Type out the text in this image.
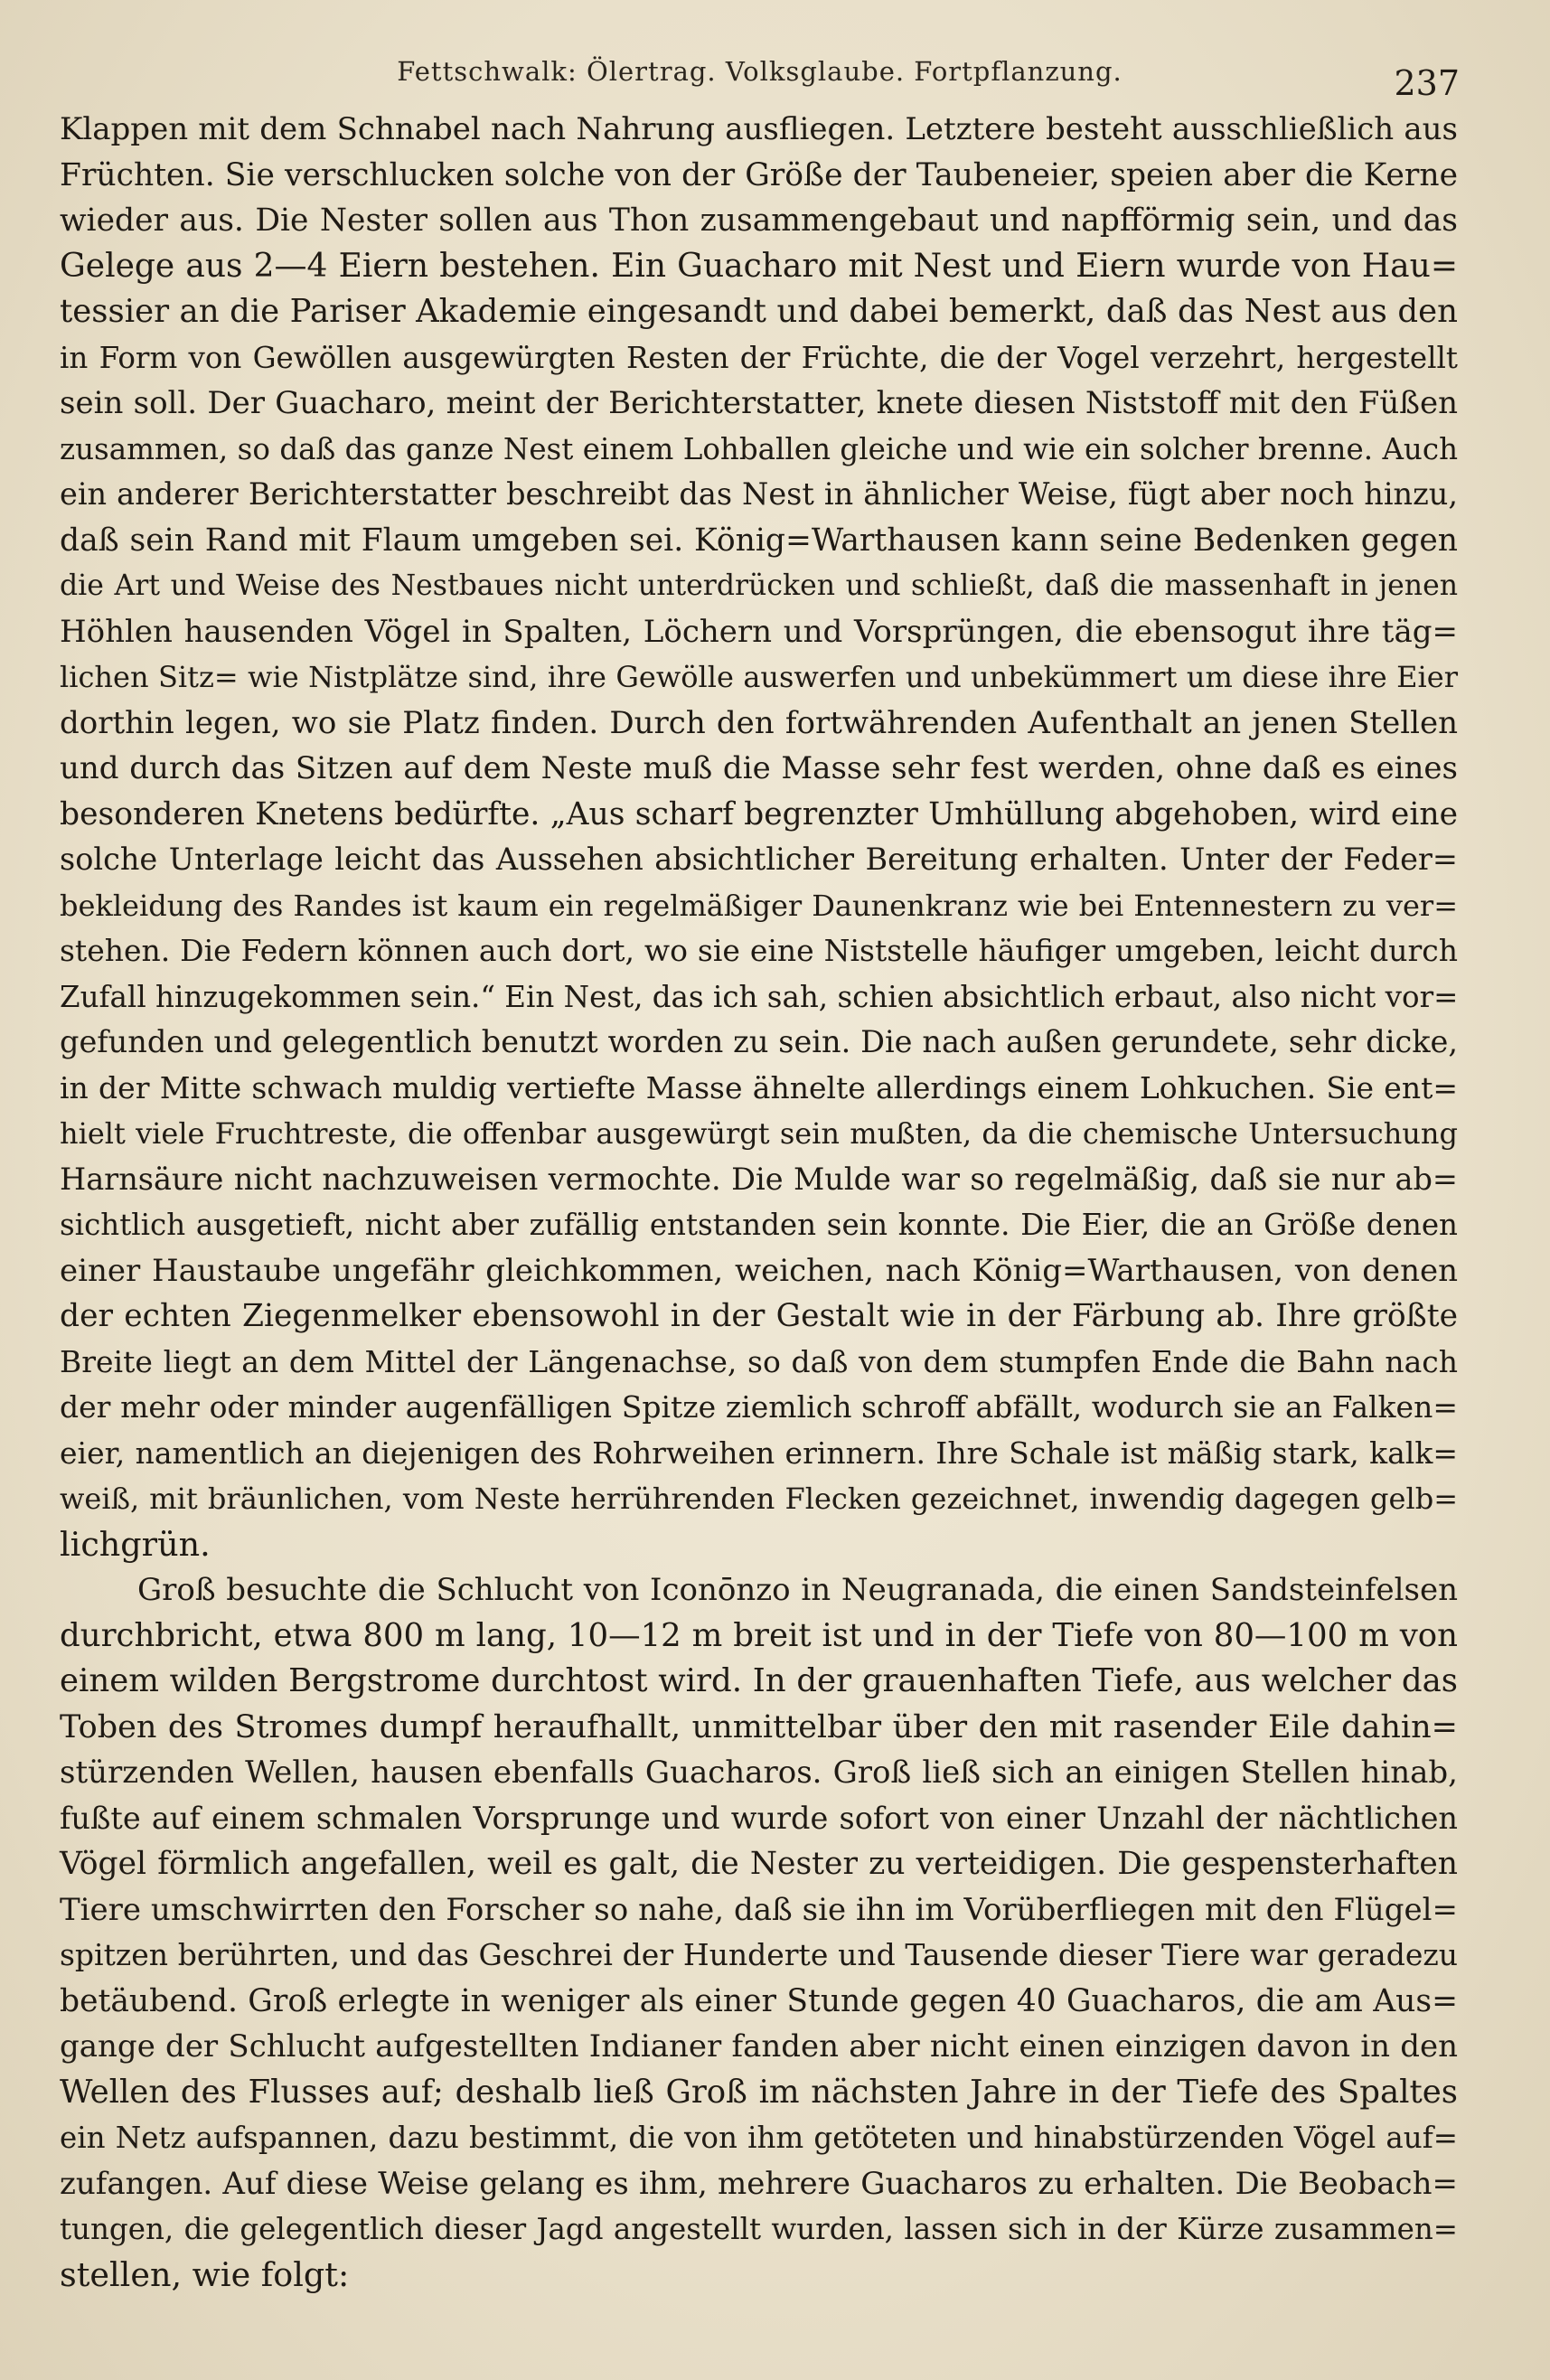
Fettschwalk: Ölertrag. Volksglaube. Fortpflanzung.	237
Klappen mit dem Schnabel nach Nahrung ausfliegen. Letztere besteht ausschließlich aus
Früchten. Sie verschlucken solche von der Größe der Taubeneier, speien aber die Kerne
wieder aus. Die Nester sollen aus Thon zusammengebaut und napfförmig sein, und das
Gelege aus 2—4 Eiern bestehen. Ein Guacharo mit Nest und Eiern wurde von Hau=
tessier an die Pariser Akademie eingesandt und dabei bemerkt, daß das Nest aus den
in Form von Gewöllen ausgewürgten Resten der Früchte, die der Vogel verzehrt, hergestellt
sein soll. Der Guacharo, meint der Berichterstatter, knete diesen Niststoff mit den Füßen
zusammen, so daß das ganze Nest einem Lohballen gleiche und wie ein solcher brenne. Auch
ein anderer Berichterstatter beschreibt das Nest in ähnlicher Weise, fügt aber noch hinzu,
daß sein Rand mit Flaum umgeben sei. König=Warthausen kann seine Bedenken gegen
die Art und Weise des Nestbaues nicht unterdrücken und schließt, daß die massenhaft in jenen
Höhlen hausenden Vögel in Spalten, Löchern und Vorsprüngen, die ebensogut ihre täg=
lichen Sitz= wie Nistplätze sind, ihre Gewölle auswerfen und unbekümmert um diese ihre Eier
dorthin legen, wo sie Platz finden. Durch den fortwährenden Aufenthalt an jenen Stellen
und durch das Sitzen auf dem Neste muß die Masse sehr fest werden, ohne daß es eines
besonderen Knetens bedürfte. „Aus scharf begrenzter Umhüllung abgehoben, wird eine
solche Unterlage leicht das Aussehen absichtlicher Bereitung erhalten. Unter der Feder=
bekleidung des Randes ist kaum ein regelmäßiger Daunenkranz wie bei Entennestern zu ver=
stehen. Die Federn können auch dort, wo sie eine Niststelle häufiger umgeben, leicht durch
Zufall hinzugekommen sein.“ Ein Nest, das ich sah, schien absichtlich erbaut, also nicht vor=
gefunden und gelegentlich benutzt worden zu sein. Die nach außen gerundete, sehr dicke,
in der Mitte schwach muldig vertiefte Masse ähnelte allerdings einem Lohkuchen. Sie ent=
hielt viele Fruchtreste, die offenbar ausgewürgt sein mußten, da die chemische Untersuchung
Harnsäure nicht nachzuweisen vermochte. Die Mulde war so regelmäßig, daß sie nur ab=
sichtlich ausgetieft, nicht aber zufällig entstanden sein konnte. Die Eier, die an Größe denen
einer Haustaube ungefähr gleichkommen, weichen, nach König=Warthausen, von denen
der echten Ziegenmelker ebensowohl in der Gestalt wie in der Färbung ab. Ihre größte
Breite liegt an dem Mittel der Längenachse, so daß von dem stumpfen Ende die Bahn nach
der mehr oder minder augenfälligen Spitze ziemlich schroff abfällt, wodurch sie an Falken=
eier, namentlich an diejenigen des Rohrweihen erinnern. Ihre Schale ist mäßig stark, kalk=
weiß, mit bräunlichen, vom Neste herrührenden Flecken gezeichnet, inwendig dagegen gelb=
lichgrün.
Groß besuchte die Schlucht von Iconōnzo in Neugranada, die einen Sandsteinfelsen
durchbricht, etwa 800 m lang, 10—12 m breit ist und in der Tiefe von 80—100 m von
einem wilden Bergstrome durchtost wird. In der grauenhaften Tiefe, aus welcher das
Toben des Stromes dumpf heraufhallt, unmittelbar über den mit rasender Eile dahin=
stürzenden Wellen, hausen ebenfalls Guacharos. Groß ließ sich an einigen Stellen hinab,
fußte auf einem schmalen Vorsprunge und wurde sofort von einer Unzahl der nächtlichen
Vögel förmlich angefallen, weil es galt, die Nester zu verteidigen. Die gespensterhaften
Tiere umschwirrten den Forscher so nahe, daß sie ihn im Vorüberfliegen mit den Flügel=
spitzen berührten, und das Geschrei der Hunderte und Tausende dieser Tiere war geradezu
betäubend. Groß erlegte in weniger als einer Stunde gegen 40 Guacharos, die am Aus=
gange der Schlucht aufgestellten Indianer fanden aber nicht einen einzigen davon in den
Wellen des Flusses auf; deshalb ließ Groß im nächsten Jahre in der Tiefe des Spaltes
ein Netz aufspannen, dazu bestimmt, die von ihm getöteten und hinabstürzenden Vögel auf=
zufangen. Auf diese Weise gelang es ihm, mehrere Guacharos zu erhalten. Die Beobach=
tungen, die gelegentlich dieser Jagd angestellt wurden, lassen sich in der Kürze zusammen=
stellen, wie folgt:
